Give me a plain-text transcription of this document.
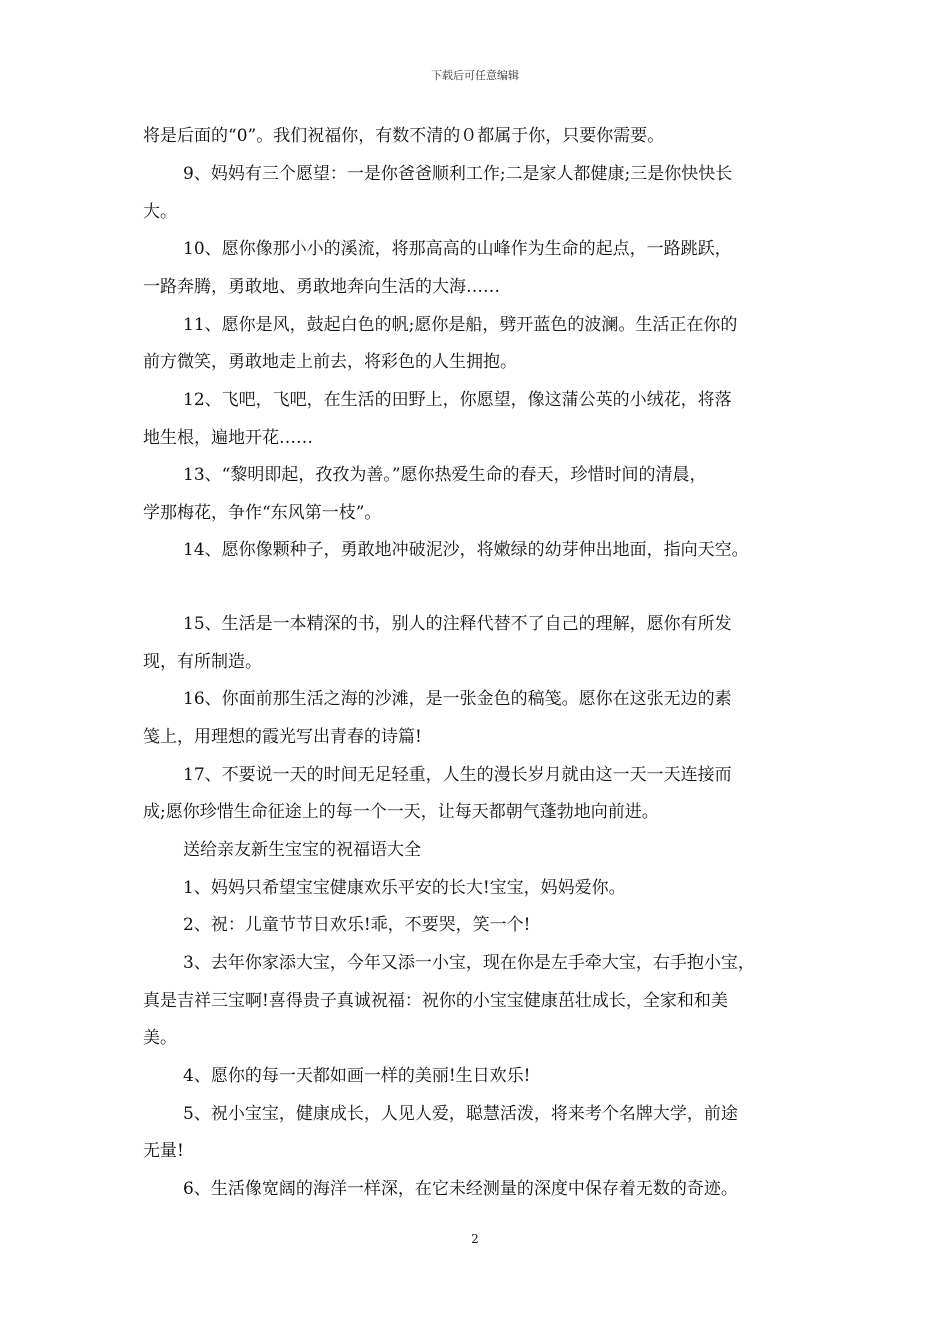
下载后可任意编辑
将是后面的“0”。我们祝福你，有数不清的０都属于你，只要你需要。
9、妈妈有三个愿望：一是你爸爸顺利工作;二是家人都健康;三是你快快长
大。
10、愿你像那小小的溪流，将那高高的山峰作为生命的起点，一路跳跃，
一路奔腾，勇敢地、勇敢地奔向生活的大海……
11、愿你是风，鼓起白色的帆;愿你是船，劈开蓝色的波澜。生活正在你的
前方微笑，勇敢地走上前去，将彩色的人生拥抱。
12、飞吧，飞吧，在生活的田野上，你愿望，像这蒲公英的小绒花，将落
地生根，遍地开花……
13、“黎明即起，孜孜为善。”愿你热爱生命的春天，珍惜时间的清晨，
学那梅花，争作“东风第一枝”。
14、愿你像颗种子，勇敢地冲破泥沙，将嫩绿的幼芽伸出地面，指向天空。
15、生活是一本精深的书，别人的注释代替不了自己的理解，愿你有所发
现，有所制造。
16、你面前那生活之海的沙滩，是一张金色的稿笺。愿你在这张无边的素
笺上，用理想的霞光写出青春的诗篇!
17、不要说一天的时间无足轻重，人生的漫长岁月就由这一天一天连接而
成;愿你珍惜生命征途上的每一个一天，让每天都朝气蓬勃地向前进。
送给亲友新生宝宝的祝福语大全
1、妈妈只希望宝宝健康欢乐平安的长大!宝宝，妈妈爱你。
2、祝：儿童节节日欢乐!乖，不要哭，笑一个!
3、去年你家添大宝，今年又添一小宝，现在你是左手牵大宝，右手抱小宝，
真是吉祥三宝啊!喜得贵子真诚祝福：祝你的小宝宝健康茁壮成长，全家和和美
美。
4、愿你的每一天都如画一样的美丽!生日欢乐!
5、祝小宝宝，健康成长，人见人爱，聪慧活泼，将来考个名牌大学，前途
无量!
6、生活像宽阔的海洋一样深，在它未经测量的深度中保存着无数的奇迹。
2
